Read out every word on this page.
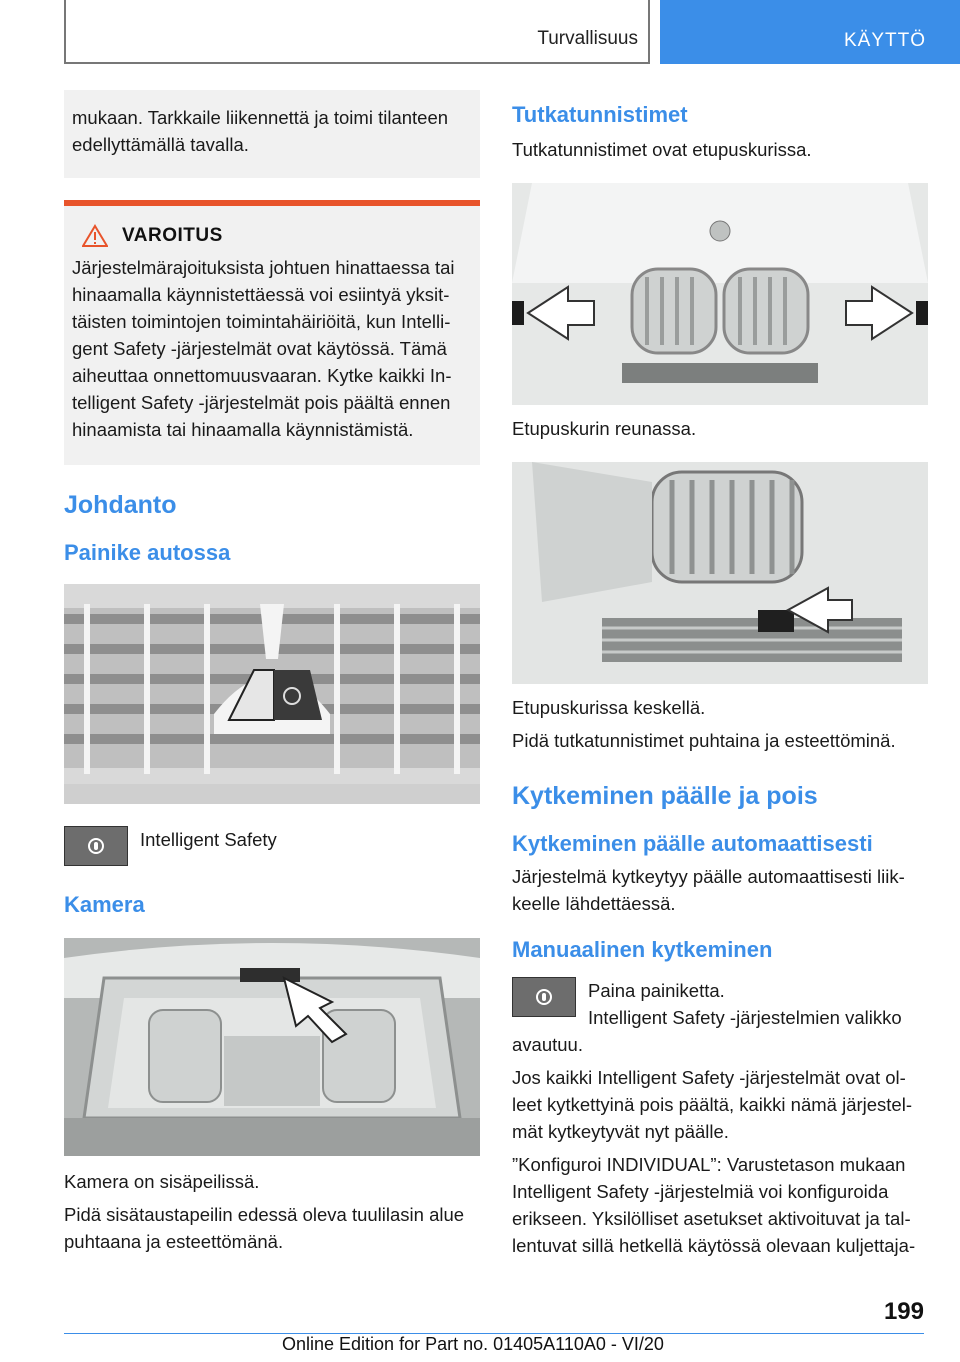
Turvallisuus	KÄYTTÖ

mukaan. Tarkkaile liikennettä ja toimi tilanteen edellyttämällä tavalla.

VAROITUS

Järjestelmärajoituksista johtuen hinattaessa tai hinaamalla käynnistettäessä voi esiintyä yksittäisten toimintojen toimintahäiriöitä, kun Intelligent Safety -järjestelmät ovat käytössä. Tämä aiheuttaa onnettomuusvaaran. Kytke kaikki Intelligent Safety -järjestelmät pois päältä ennen hinaamista tai hinaamalla käynnistämistä.

Johdanto
Painike autossa

Intelligent Safety

Kamera

Kamera on sisäpeilissä.

Pidä sisätaustapeilin edessä oleva tuulilasin alue puhtaana ja esteettömänä.

Tutkatunnistimet

Tutkatunnistimet ovat etupuskurissa.

Etupuskurin reunassa.

Etupuskurissa keskellä.

Pidä tutkatunnistimet puhtaina ja esteettöminä.

Kytkeminen päälle ja pois
Kytkeminen päälle automaattisesti

Järjestelmä kytkeytyy päälle automaattisesti liikkeelle lähdettäessä.

Manuaalinen kytkeminen

Paina painiketta.

Intelligent Safety -järjestelmien valikko avautuu.

Jos kaikki Intelligent Safety -järjestelmät ovat olleet kytkettyinä pois päältä, kaikki nämä järjestelmät kytkeytyvät nyt päälle.

”Konfiguroi INDIVIDUAL”: Varustetason mukaan Intelligent Safety -järjestelmiä voi konfiguroida erikseen. Yksilölliset asetukset aktivoituvat ja tallentuvat sillä hetkellä käytössä olevaan kuljettaja-

199
Online Edition for Part no. 01405A110A0 - VI/20
